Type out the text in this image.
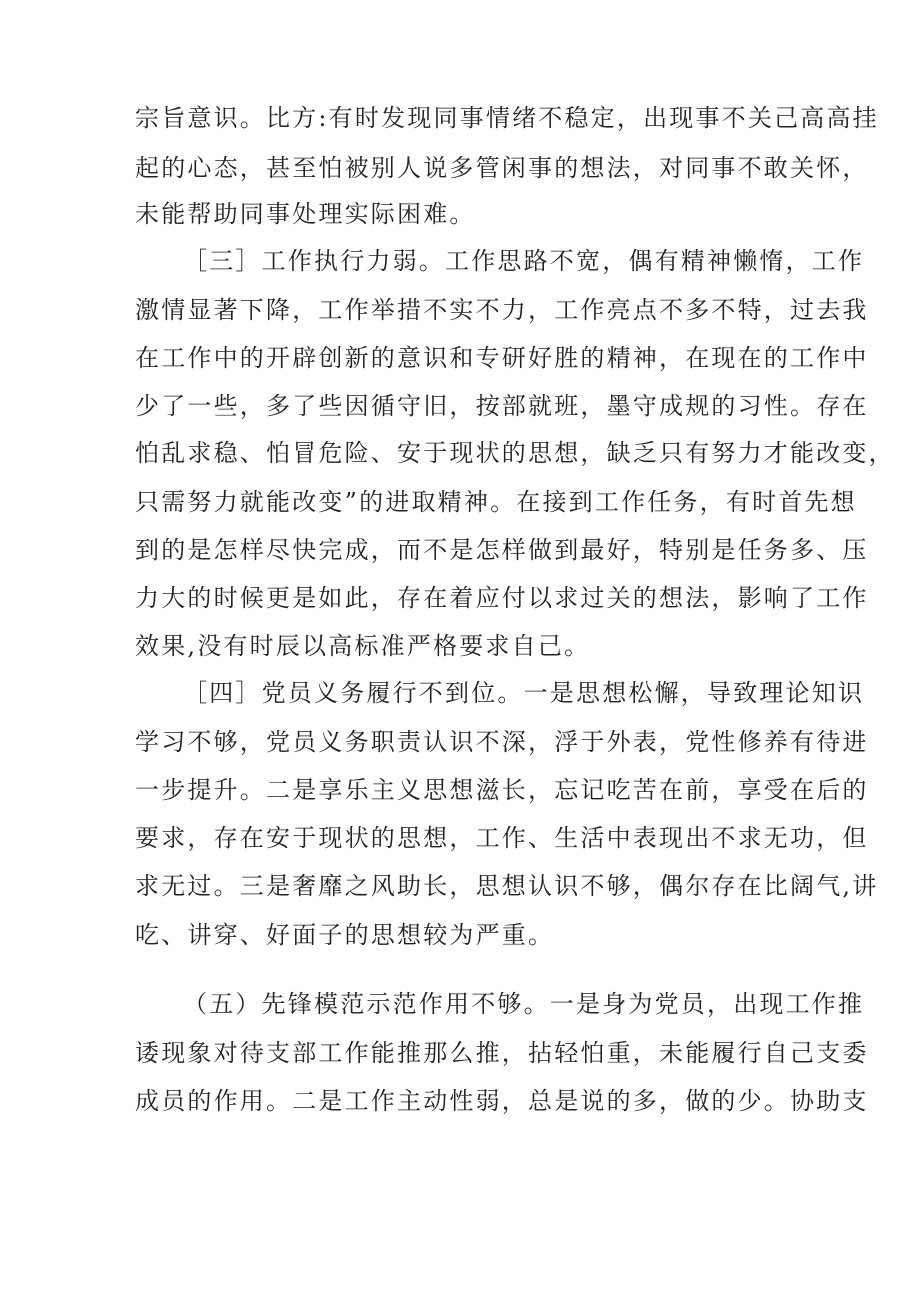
宗旨意识。比方:有时发现同事情绪不稳定，出现事不关己高高挂
起的心态，甚至怕被别人说多管闲事的想法，对同事不敢关怀，
未能帮助同事处理实际困难。
［三］工作执行力弱。工作思路不宽，偶有精神懒惰，工作
激情显著下降，工作举措不实不力，工作亮点不多不特，过去我
在工作中的开辟创新的意识和专研好胜的精神，在现在的工作中
少了一些，多了些因循守旧，按部就班，墨守成规的习性。存在
怕乱求稳、怕冒危险、安于现状的思想，缺乏只有努力才能改变，
只需努力就能改变”的进取精神。在接到工作任务，有时首先想
到的是怎样尽快完成，而不是怎样做到最好，特别是任务多、压
力大的时候更是如此，存在着应付以求过关的想法，影响了工作
效果,没有时辰以高标准严格要求自己。
［四］党员义务履行不到位。一是思想松懈，导致理论知识
学习不够，党员义务职责认识不深，浮于外表，党性修养有待进
一步提升。二是享乐主义思想滋长，忘记吃苦在前，享受在后的
要求，存在安于现状的思想，工作、生活中表现出不求无功，但
求无过。三是奢靡之风助长，思想认识不够，偶尔存在比阔气,讲
吃、讲穿、好面子的思想较为严重。
（五）先锋模范示范作用不够。一是身为党员，出现工作推
诿现象对待支部工作能推那么推，拈轻怕重，未能履行自己支委
成员的作用。二是工作主动性弱，总是说的多，做的少。协助支
